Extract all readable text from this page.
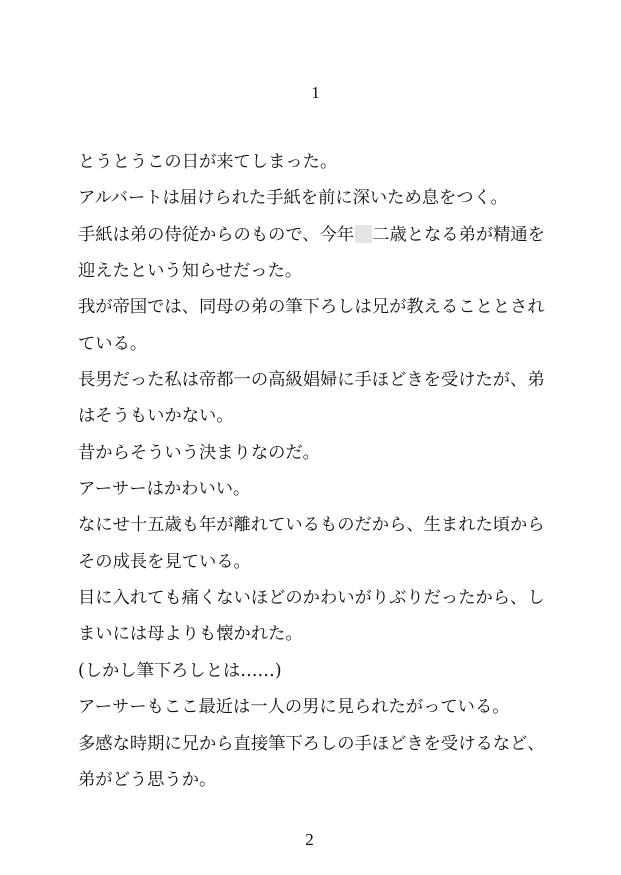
1
とうとうこの日が来てしまった。
アルバートは届けられた手紙を前に深いため息をつく。
手紙は弟の侍従からのもので、今年 二歳となる弟が精通を
迎えたという知らせだった。
我が帝国では、同母の弟の筆下ろしは兄が教えることとされ
ている。
長男だった私は帝都一の高級娼婦に手ほどきを受けたが、弟
はそうもいかない。
昔からそういう決まりなのだ。
アーサーはかわいい。
なにせ十五歳も年が離れているものだから、生まれた頃から
その成長を見ている。
目に入れても痛くないほどのかわいがりぶりだったから、し
まいには母よりも懐かれた。
(しかし筆下ろしとは……)
アーサーもここ最近は一人の男に見られたがっている。
多感な時期に兄から直接筆下ろしの手ほどきを受けるなど、
弟がどう思うか。
2
